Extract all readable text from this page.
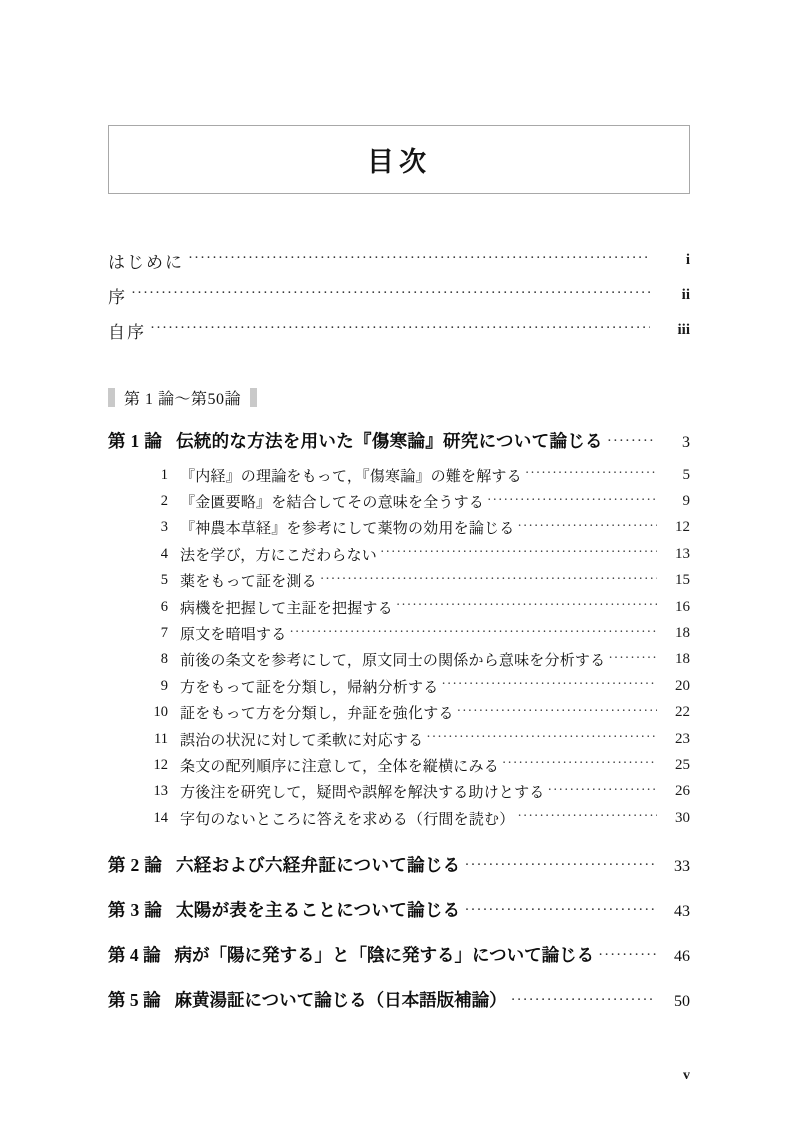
目次
はじめに ·····	i
序 ·····	ii
自序 ·····	iii
第 1 論〜第50論
第 1 論 伝統的な方法を用いた『傷寒論』研究について論じる ·····	3
1 『内経』の理論をもって，『傷寒論』の難を解する ·····	5
2 『金匱要略』を結合してその意味を全うする ·····	9
3 『神農本草経』を参考にして薬物の効用を論じる ·····	12
4 法を学び，方にこだわらない ·····	13
5 薬をもって証を測る ·····	15
6 病機を把握して主証を把握する ·····	16
7 原文を暗唱する ·····	18
8 前後の条文を参考にして，原文同士の関係から意味を分析する ·····	18
9 方をもって証を分類し，帰納分析する ·····	20
10 証をもって方を分類し，弁証を強化する ·····	22
11 誤治の状況に対して柔軟に対応する ·····	23
12 条文の配列順序に注意して，全体を縦横にみる ·····	25
13 方後注を研究して，疑問や誤解を解決する助けとする ·····	26
14 字句のないところに答えを求める（行間を読む） ·····	30
第 2 論 六経および六経弁証について論じる ·····	33
第 3 論 太陽が表を主ることについて論じる ·····	43
第 4 論 病が「陽に発する」と「陰に発する」について論じる ·····	46
第 5 論 麻黄湯証について論じる（日本語版補論） ·····	50
v
